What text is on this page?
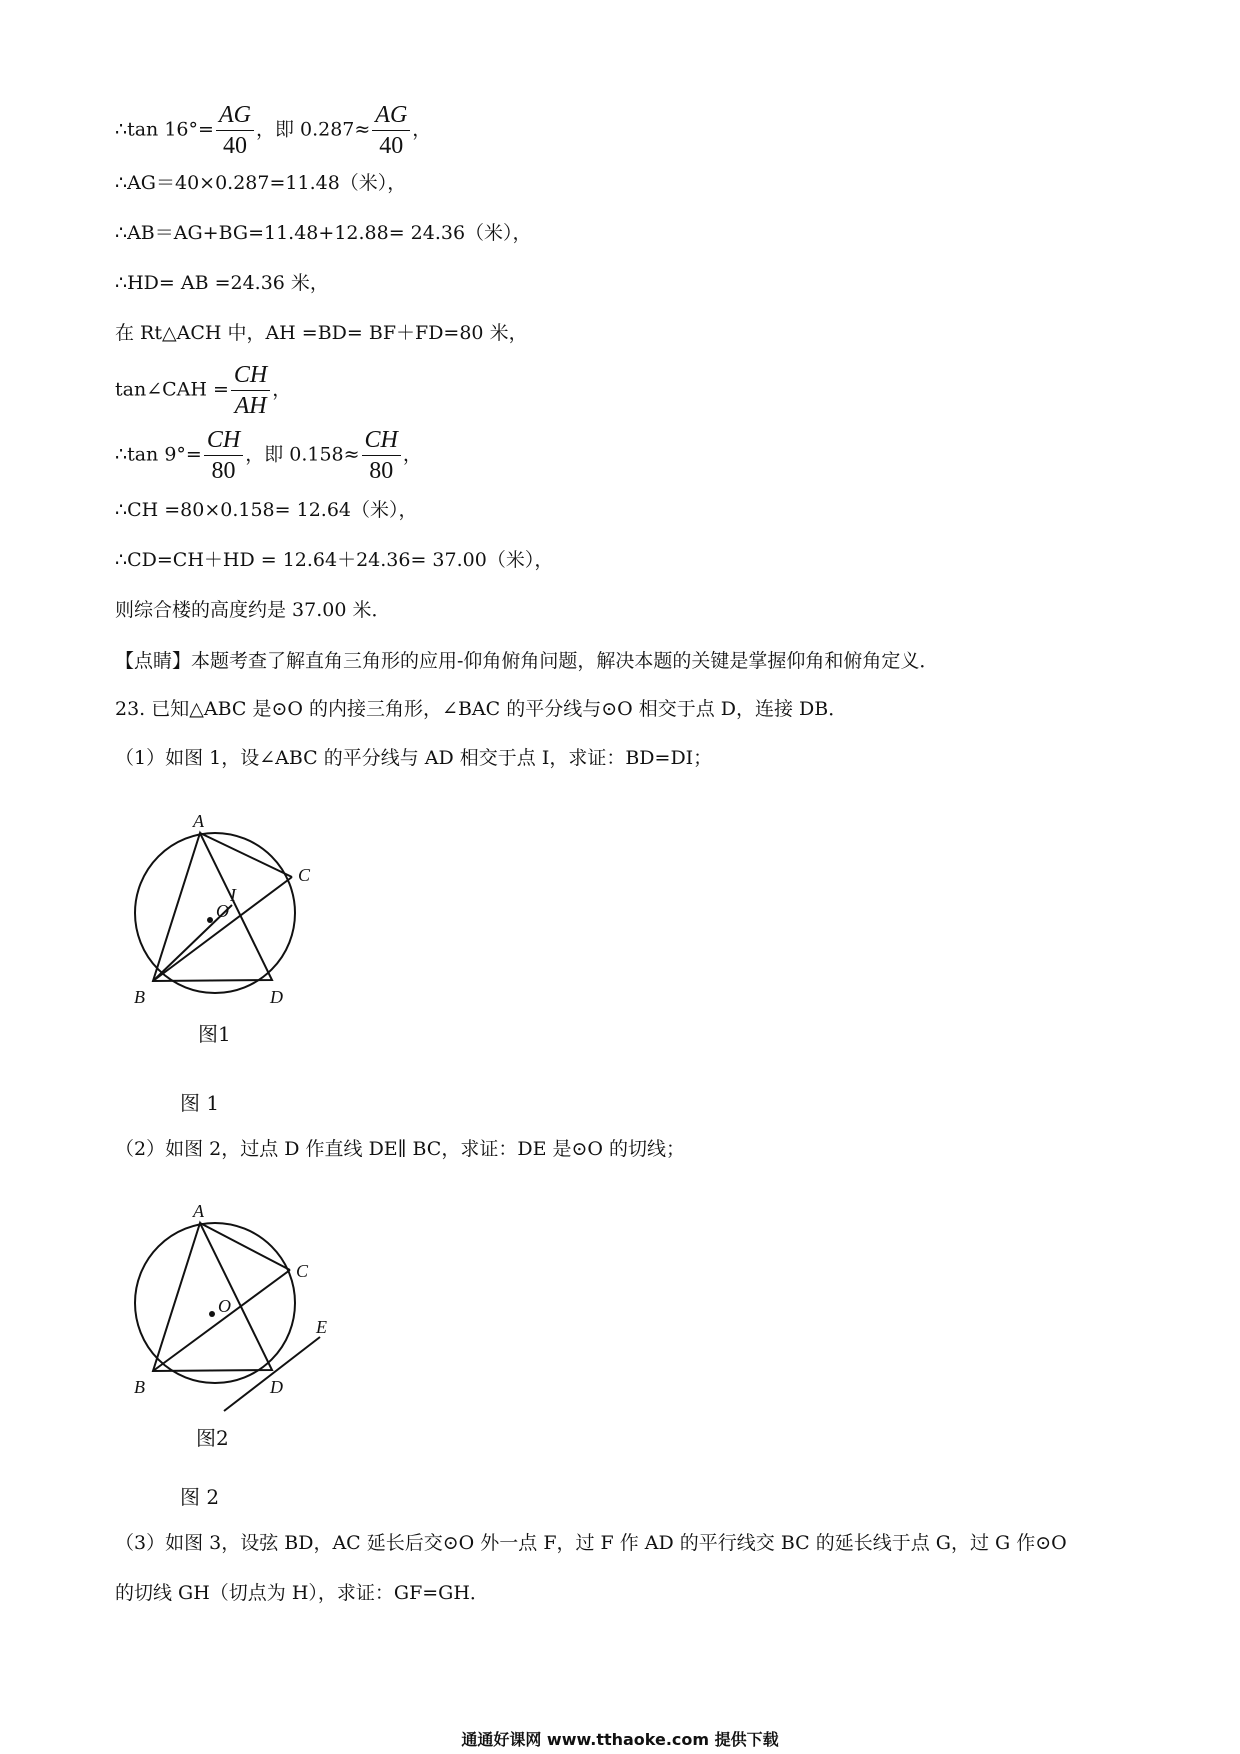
∴tan $16^\circ= \frac{AG}{40}$ ，即 $0.287\approx \frac{AG}{40}$ ，
∴AG＝40×0.287=11.48（米），
∴AB＝AG+BG=11.48+12.88= 24.36（米），
∴HD= AB =24.36 米，
在 Rt△ACH 中，AH =BD= BF＋FD=80 米，
tan∠CAH = $\frac{CH}{AH}$ ，
∴tan $9^\circ= \frac{CH}{80}$ ，即 $0.158\approx \frac{CH}{80}$ ，
∴CH =80×0.158= 12.64（米），
∴CD=CH＋HD = 12.64＋24.36= 37.00（米），
则综合楼的高度约是 37.00 米．
【点睛】本题考查了解直角三角形的应用-仰角俯角问题，解决本题的关键是掌握仰角和俯角定义．
23. 已知△ABC 是⊙O 的内接三角形，∠BAC 的平分线与⊙O 相交于点 D，连接 DB．
（1）如图 1，设∠ABC 的平分线与 AD 相交于点 I，求证：BD=DI；
A
B
C
D
O
I
图1
图 1
（2）如图 2，过点 D 作直线 DE∥ BC，求证：DE 是⊙O 的切线；
A
B
C
D
O
E
图2
图 2
（3）如图 3，设弦 BD，AC 延长后交⊙O 外一点 F，过 F 作 AD 的平行线交 BC 的延长线于点 G，过 G 作⊙O
的切线 GH（切点为 H），求证：GF=GH．
通通好课网 www.tthaoke.com 提供下载
